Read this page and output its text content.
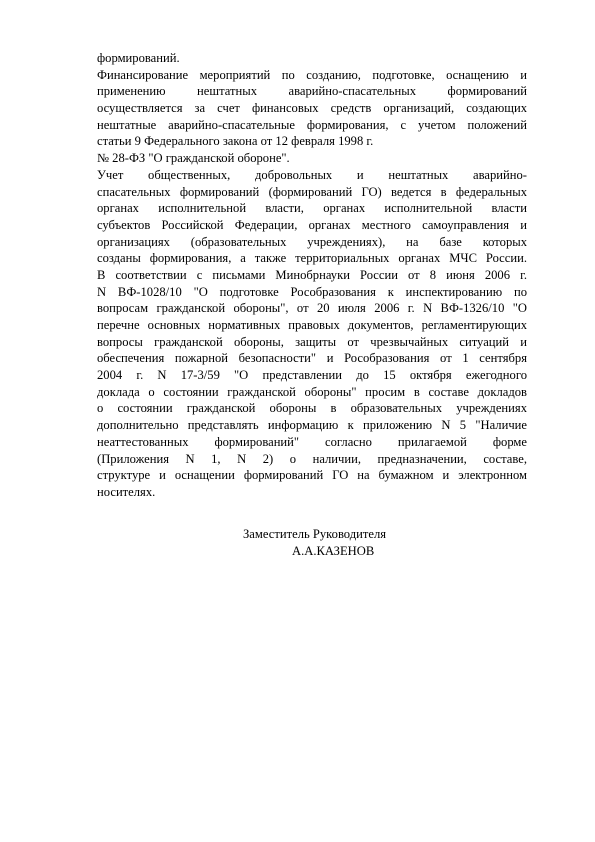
формирований.
Финансирование мероприятий по созданию, подготовке, оснащению и
применению нештатных аварийно-спасательных формирований
осуществляется за счет финансовых средств организаций, создающих
нештатные аварийно-спасательные формирования, с учетом положений
статьи 9 Федерального закона от 12 февраля 1998 г.
№ 28-ФЗ "О гражданской обороне".
Учет общественных, добровольных и нештатных аварийно-
спасательных формирований (формирований ГО) ведется в федеральных
органах исполнительной власти, органах исполнительной власти
субъектов Российской Федерации, органах местного самоуправления и
организациях (образовательных учреждениях), на базе которых
созданы формирования, а также территориальных органах МЧС России.
В соответствии с письмами Минобрнауки России от 8 июня 2006 г.
N ВФ-1028/10 "О подготовке Рособразования к инспектированию по
вопросам гражданской обороны", от 20 июля 2006 г. N ВФ-1326/10 "О
перечне основных нормативных правовых документов, регламентирующих
вопросы гражданской обороны, защиты от чрезвычайных ситуаций и
обеспечения пожарной безопасности" и Рособразования от 1 сентября
2004 г. N 17-3/59 "О представлении до 15 октября ежегодного
доклада о состоянии гражданской обороны" просим в составе докладов
о состоянии гражданской обороны в образовательных учреждениях
дополнительно представлять информацию к приложению N 5 "Наличие
неаттестованных формирований" согласно прилагаемой форме
(Приложения N 1, N 2) о наличии, предназначении, составе,
структуре и оснащении формирований ГО на бумажном и электронном
носителях.
Заместитель Руководителя
А.А.КАЗЕНОВ
